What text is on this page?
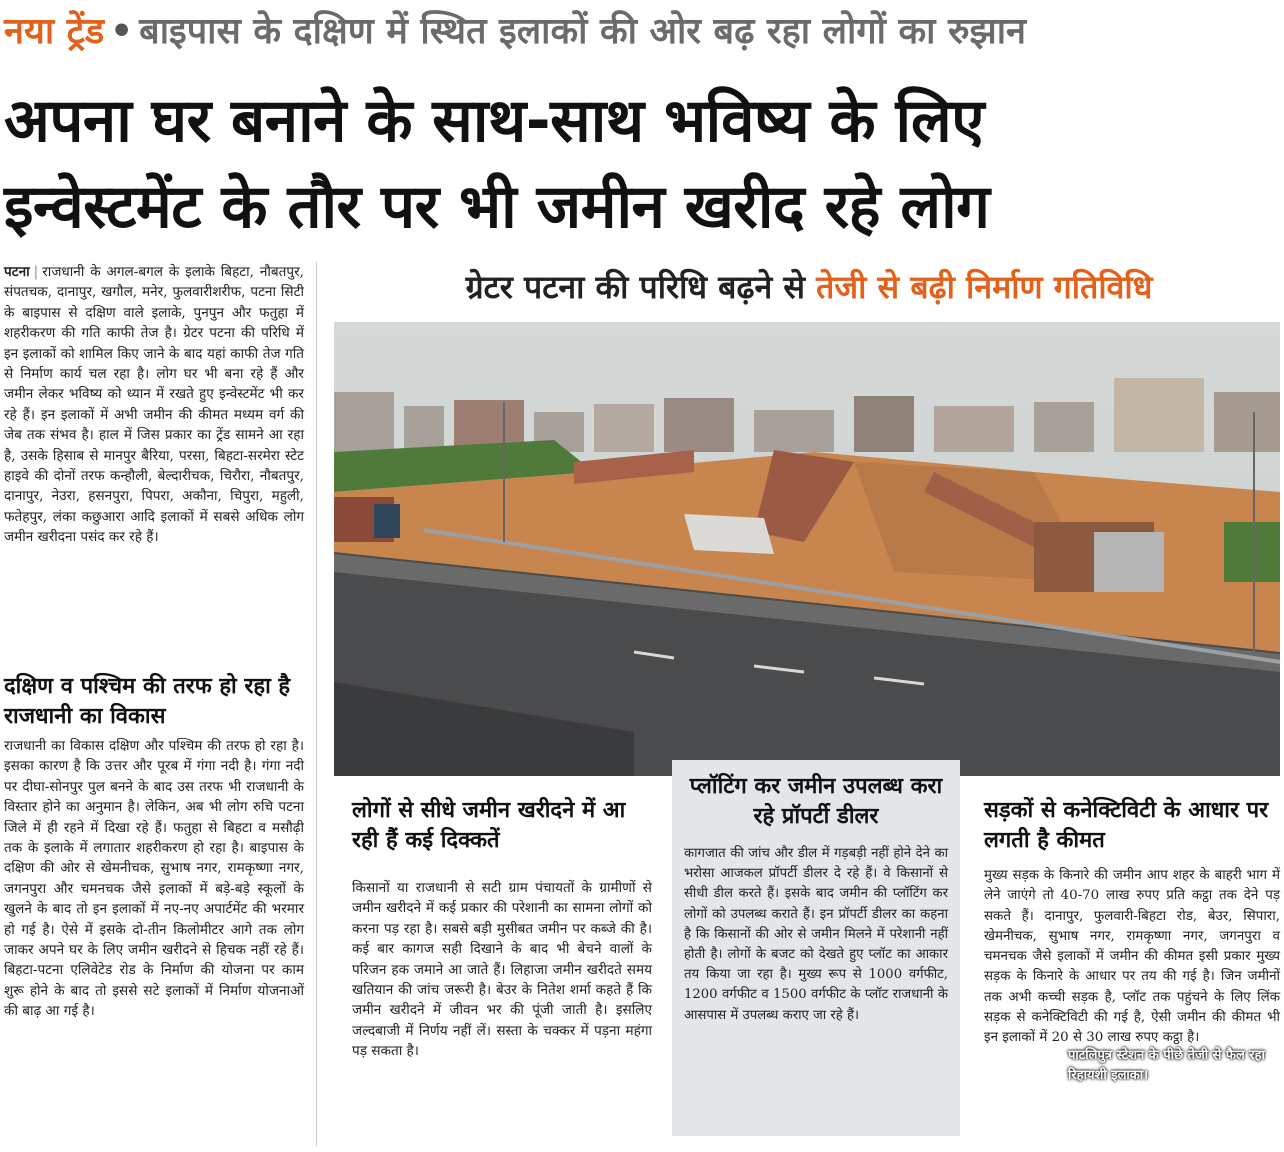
नया ट्रेंड • बाइपास के दक्षिण में स्थित इलाकों की ओर बढ़ रहा लोगों का रुझान
अपना घर बनाने के साथ-साथ भविष्य के लिए
इन्वेस्टमेंट के तौर पर भी जमीन खरीद रहे लोग
पटना | राजधानी के अगल-बगल के इलाके बिहटा, नौबतपुर, संपतचक, दानापुर, खगौल, मनेर, फुलवारीशरीफ, पटना सिटी के बाइपास से दक्षिण वाले इलाके, पुनपुन और फतुहा में शहरीकरण की गति काफी तेज है। ग्रेटर पटना की परिधि में इन इलाकों को शामिल किए जाने के बाद यहां काफी तेज गति से निर्माण कार्य चल रहा है। लोग घर भी बना रहे हैं और जमीन लेकर भविष्य को ध्यान में रखते हुए इन्वेस्टमेंट भी कर रहे हैं। इन इलाकों में अभी जमीन की कीमत मध्यम वर्ग की जेब तक संभव है। हाल में जिस प्रकार का ट्रेंड सामने आ रहा है, उसके हिसाब से मानपुर बैरिया, परसा, बिहटा-सरमेरा स्टेट हाइवे की दोनों तरफ कन्हौली, बेल्दारीचक, चिरौरा, नौबतपुर, दानापुर, नेउरा, हसनपुरा, पिपरा, अकौना, चिपुरा, महुली, फतेहपुर, लंका कछुआरा आदि इलाकों में सबसे अधिक लोग जमीन खरीदना पसंद कर रहे हैं।
दक्षिण व पश्चिम की तरफ हो रहा है राजधानी का विकास
राजधानी का विकास दक्षिण और पश्चिम की तरफ हो रहा है। इसका कारण है कि उत्तर और पूरब में गंगा नदी है। गंगा नदी पर दीघा-सोनपुर पुल बनने के बाद उस तरफ भी राजधानी के विस्तार होने का अनुमान है। लेकिन, अब भी लोग रुचि पटना जिले में ही रहने में दिखा रहे हैं। फतुहा से बिहटा व मसौढ़ी तक के इलाके में लगातार शहरीकरण हो रहा है। बाइपास के दक्षिण की ओर से खेमनीचक, सुभाष नगर, रामकृष्णा नगर, जगनपुरा और चमनचक जैसे इलाकों में बड़े-बड़े स्कूलों के खुलने के बाद तो इन इलाकों में नए-नए अपार्टमेंट की भरमार हो गई है। ऐसे में इसके दो-तीन किलोमीटर आगे तक लोग जाकर अपने घर के लिए जमीन खरीदने से हिचक नहीं रहे हैं। बिहटा-पटना एलिवेटेड रोड के निर्माण की योजना पर काम शुरू होने के बाद तो इससे सटे इलाकों में निर्माण योजनाओं की बाढ़ आ गई है।
ग्रेटर पटना की परिधि बढ़ने से तेजी से बढ़ी निर्माण गतिविधि
पाटलिपुत्र स्टेशन के पीछे तेजी से फैल रहा रिहायशी इलाका।
लोगों से सीधे जमीन खरीदने में आ रही हैं कई दिक्कतें
किसानों या राजधानी से सटी ग्राम पंचायतों के ग्रामीणों से जमीन खरीदने में कई प्रकार की परेशानी का सामना लोगों को करना पड़ रहा है। सबसे बड़ी मुसीबत जमीन पर कब्जे की है। कई बार कागज सही दिखाने के बाद भी बेचने वालों के परिजन हक जमाने आ जाते हैं। लिहाजा जमीन खरीदते समय खतियान की जांच जरूरी है। बेउर के नितेश शर्मा कहते हैं कि जमीन खरीदने में जीवन भर की पूंजी जाती है। इसलिए जल्दबाजी में निर्णय नहीं लें। सस्ता के चक्कर में पड़ना महंगा पड़ सकता है।
प्लॉटिंग कर जमीन उपलब्ध करा रहे प्रॉपर्टी डीलर
कागजात की जांच और डील में गड़बड़ी नहीं होने देने का भरोसा आजकल प्रॉपर्टी डीलर दे रहे हैं। वे किसानों से सीधी डील करते हैं। इसके बाद जमीन की प्लॉटिंग कर लोगों को उपलब्ध कराते हैं। इन प्रॉपर्टी डीलर का कहना है कि किसानों की ओर से जमीन मिलने में परेशानी नहीं होती है। लोगों के बजट को देखते हुए प्लॉट का आकार तय किया जा रहा है। मुख्य रूप से 1000 वर्गफीट, 1200 वर्गफीट व 1500 वर्गफीट के प्लॉट राजधानी के आसपास में उपलब्ध कराए जा रहे हैं।
सड़कों से कनेक्टिविटी के आधार पर लगती है कीमत
मुख्य सड़क के किनारे की जमीन आप शहर के बाहरी भाग में लेने जाएंगे तो 40-70 लाख रुपए प्रति कट्ठा तक देने पड़ सकते हैं। दानापुर, फुलवारी-बिहटा रोड, बेउर, सिपारा, खेमनीचक, सुभाष नगर, रामकृष्णा नगर, जगनपुरा व चमनचक जैसे इलाकों में जमीन की कीमत इसी प्रकार मुख्य सड़क के किनारे के आधार पर तय की गई है। जिन जमीनों तक अभी कच्ची सड़क है, प्लॉट तक पहुंचने के लिए लिंक सड़क से कनेक्टिविटी की गई है, ऐसी जमीन की कीमत भी इन इलाकों में 20 से 30 लाख रुपए कट्ठा है।
